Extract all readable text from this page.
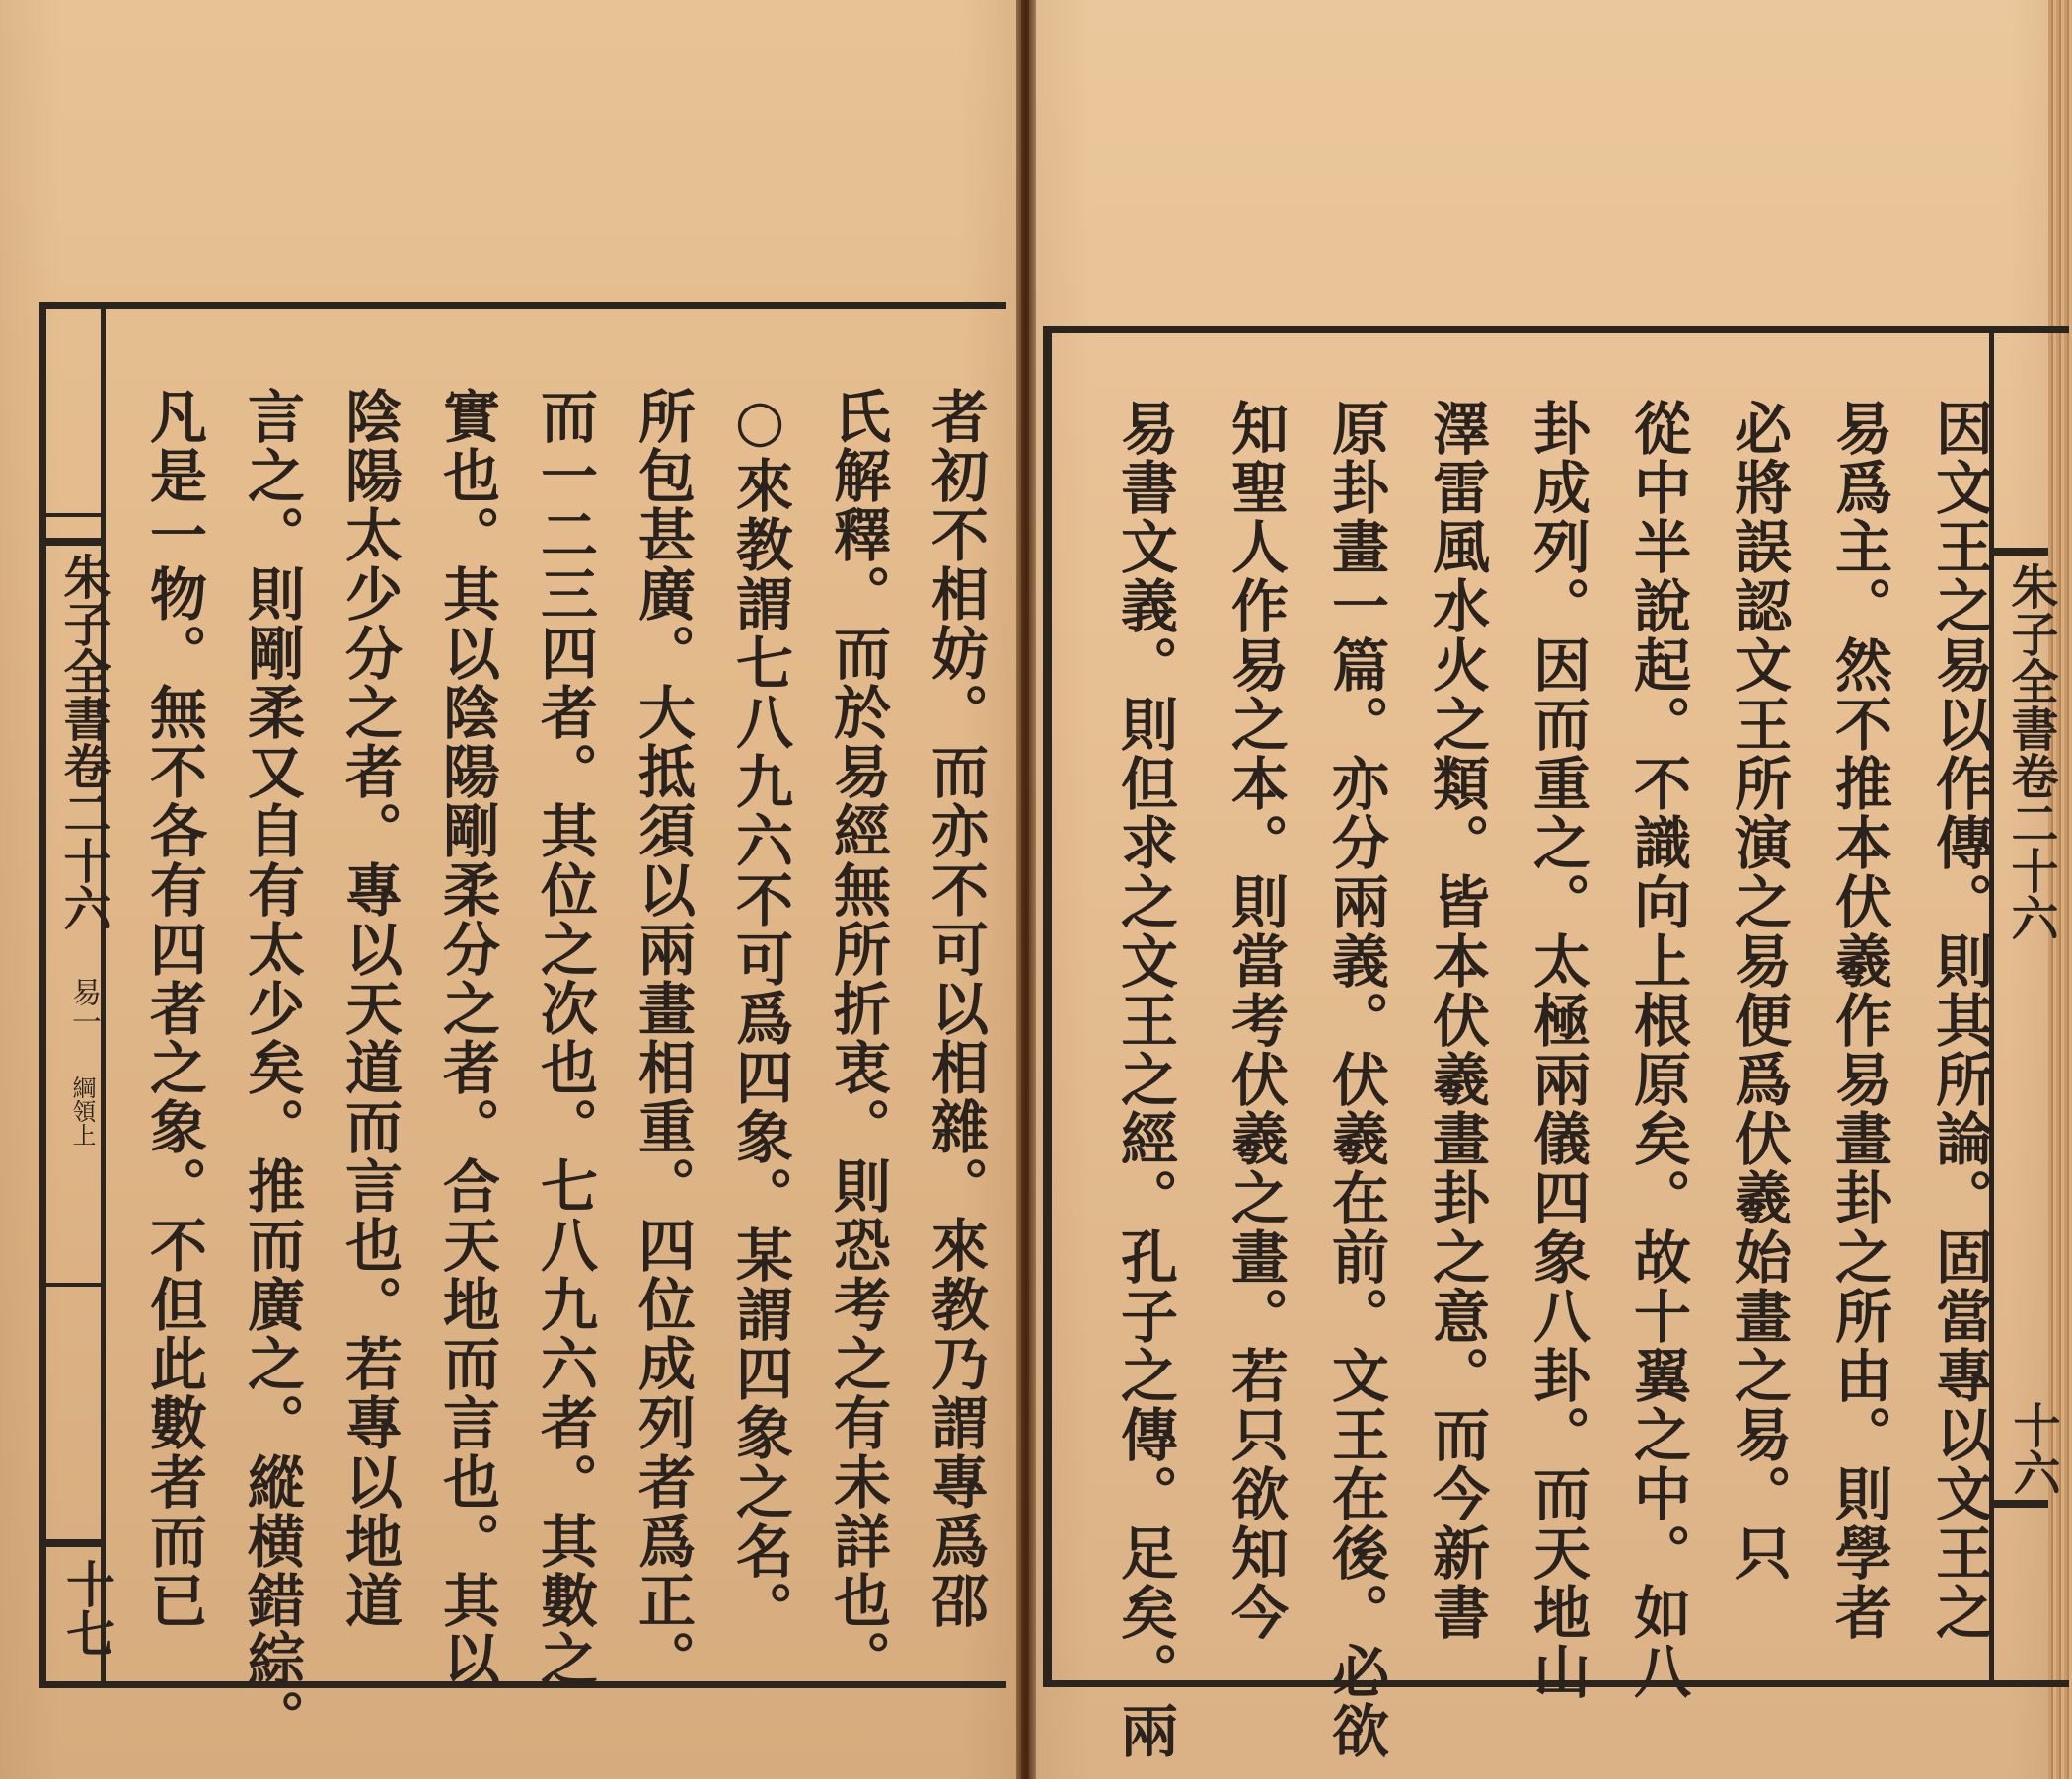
朱子全書卷二十六
易一
綱領上
十七	者初不相妨。而亦不可以相雜。來教乃謂專爲邵
氏解釋。而於易經無所折衷。則恐考之有未詳也。
○來教謂七八九六不可爲四象。某謂四象之名。
所包甚廣。大抵須以兩畫相重。四位成列者爲正。
而一二三四者。其位之次也。七八九六者。其數之
實也。其以陰陽剛柔分之者。合天地而言也。其以
陰陽太少分之者。專以天道而言也。若專以地道
言之。則剛柔又自有太少矣。推而廣之。縱横錯綜。
凡是一物。無不各有四者之象。不但此數者而已	朱子全書卷二十六
十六
因文王之易以作傳。則其所論。固當專以文王之
易爲主。然不推本伏羲作易畫卦之所由。則學者
必將誤認文王所演之易便爲伏羲始畫之易。只
從中半說起。不識向上根原矣。故十翼之中。如八
卦成列。因而重之。太極兩儀四象八卦。而天地山
澤雷風水火之類。皆本伏羲畫卦之意。而今新書
原卦畫一篇。亦分兩義。伏羲在前。文王在後。必欲
知聖人作易之本。則當考伏羲之畫。若只欲知今
易書文義。則但求之文王之經。孔子之傳。足矣。兩
